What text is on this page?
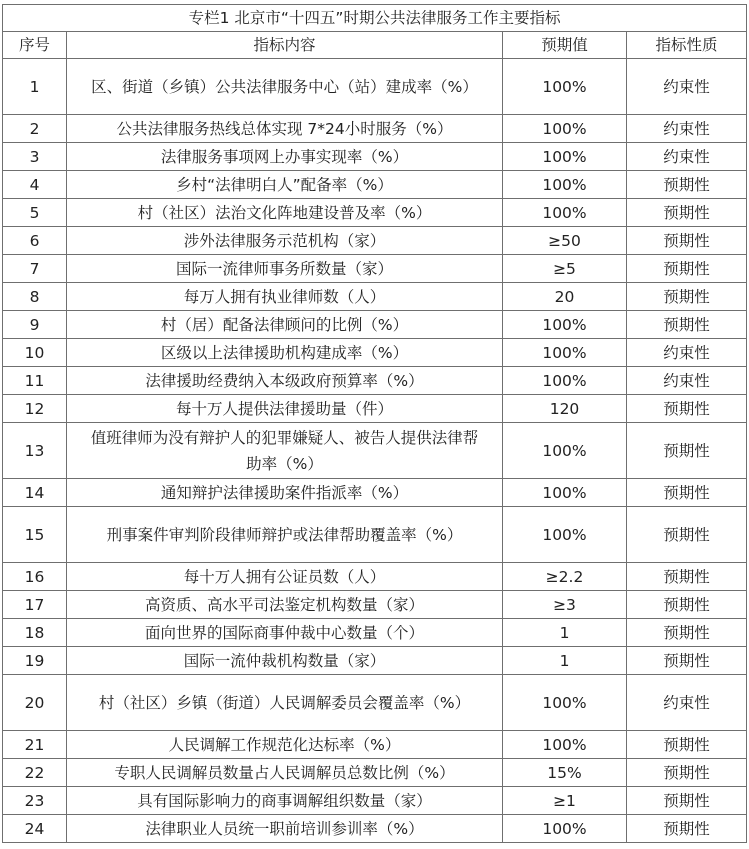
专栏1 北京市“十四五”时期公共法律服务工作主要指标			
序号	指标内容	预期值	指标性质
1	区、街道（乡镇）公共法律服务中心（站）建成率（%）	100%	约束性
2	公共法律服务热线总体实现 7*24小时服务（%）	100%	约束性
3	法律服务事项网上办事实现率（%）	100%	约束性
4	乡村“法律明白人”配备率（%）	100%	预期性
5	村（社区）法治文化阵地建设普及率（%）	100%	预期性
6	涉外法律服务示范机构（家）	≥50	预期性
7	国际一流律师事务所数量（家）	≥5	预期性
8	每万人拥有执业律师数（人）	20	预期性
9	村（居）配备法律顾问的比例（%）	100%	预期性
10	区级以上法律援助机构建成率（%）	100%	约束性
11	法律援助经费纳入本级政府预算率（%）	100%	约束性
12	每十万人提供法律援助量（件）	120	预期性
13	值班律师为没有辩护人的犯罪嫌疑人、被告人提供法律帮助率（%）	100%	预期性
14	通知辩护法律援助案件指派率（%）	100%	预期性
15	刑事案件审判阶段律师辩护或法律帮助覆盖率（%）	100%	预期性
16	每十万人拥有公证员数（人）	≥2.2	预期性
17	高资质、高水平司法鉴定机构数量（家）	≥3	预期性
18	面向世界的国际商事仲裁中心数量（个）	1	预期性
19	国际一流仲裁机构数量（家）	1	预期性
20	村（社区）乡镇（街道）人民调解委员会覆盖率（%）	100%	约束性
21	人民调解工作规范化达标率（%）	100%	预期性
22	专职人民调解员数量占人民调解员总数比例（%）	15%	预期性
23	具有国际影响力的商事调解组织数量（家）	≥1	预期性
24	法律职业人员统一职前培训参训率（%）	100%	预期性
